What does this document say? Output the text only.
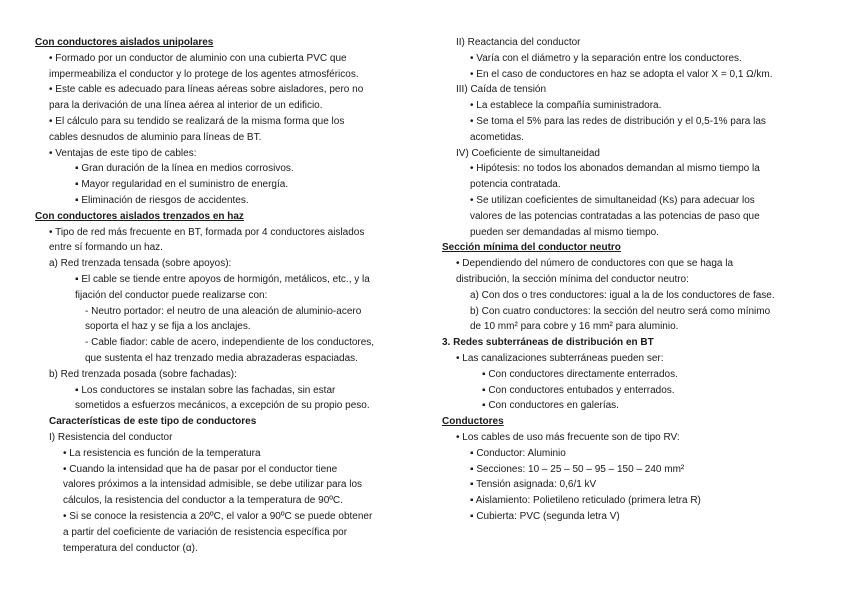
Con conductores aislados unipolares
• Formado por un conductor de aluminio con una cubierta PVC que
impermeabiliza el conductor y lo protege de los agentes atmosféricos.
• Este cable es adecuado para líneas aéreas sobre aisladores, pero no
para la derivación de una línea aérea al interior de un edificio.
• El cálculo para su tendido se realizará de la misma forma que los
cables desnudos de aluminio para líneas de BT.
• Ventajas de este tipo de cables:
▪ Gran duración de la línea en medios corrosivos.
▪ Mayor regularidad en el suministro de energía.
▪ Eliminación de riesgos de accidentes.
Con conductores aislados trenzados en haz
• Tipo de red más frecuente en BT, formada por 4 conductores aislados
entre sí formando un haz.
a) Red trenzada tensada (sobre apoyos):
▪ El cable se tiende entre apoyos de hormigón, metálicos, etc., y la
fijación del conductor puede realizarse con:
- Neutro portador: el neutro de una aleación de aluminio-acero
soporta el haz y se fija a los anclajes.
- Cable fiador: cable de acero, independiente de los conductores,
que sustenta el haz trenzado media abrazaderas espaciadas.
b) Red trenzada posada (sobre fachadas):
▪ Los conductores se instalan sobre las fachadas, sin estar
sometidos a esfuerzos mecánicos, a excepción de su propio peso.
Características de este tipo de conductores
I) Resistencia del conductor
• La resistencia es función de la temperatura
• Cuando la intensidad que ha de pasar por el conductor tiene
valores próximos a la intensidad admisible, se debe utilizar para los
cálculos, la resistencia del conductor a la temperatura de 90ºC.
• Si se conoce la resistencia a 20ºC, el valor a 90ºC se puede obtener
a partir del coeficiente de variación de resistencia específica por
temperatura del conductor (α).
II) Reactancia del conductor
• Varía con el diámetro y la separación entre los conductores.
• En el caso de conductores en haz se adopta el valor X = 0,1 Ω/km.
III) Caída de tensión
• La establece la compañía suministradora.
• Se toma el 5% para las redes de distribución y el 0,5-1% para las
acometidas.
IV) Coeficiente de simultaneidad
• Hipótesis: no todos los abonados demandan al mismo tiempo la
potencia contratada.
• Se utilizan coeficientes de simultaneidad (Ks) para adecuar los
valores de las potencias contratadas a las potencias de paso que
pueden ser demandadas al mismo tiempo.
Sección mínima del conductor neutro
• Dependiendo del número de conductores con que se haga la
distribución, la sección mínima del conductor neutro:
a) Con dos o tres conductores: igual a la de los conductores de fase.
b) Con cuatro conductores: la sección del neutro será como mínimo
de 10 mm² para cobre y 16 mm² para aluminio.
3. Redes subterráneas de distribución en BT
• Las canalizaciones subterráneas pueden ser:
▪ Con conductores directamente enterrados.
▪ Con conductores entubados y enterrados.
▪ Con conductores en galerías.
Conductores
• Los cables de uso más frecuente son de tipo RV:
▪ Conductor: Aluminio
▪ Secciones: 10 – 25 – 50 – 95 – 150 – 240 mm²
▪ Tensión asignada: 0,6/1 kV
▪ Aislamiento: Polietileno reticulado (primera letra R)
▪ Cubierta: PVC (segunda letra V)
